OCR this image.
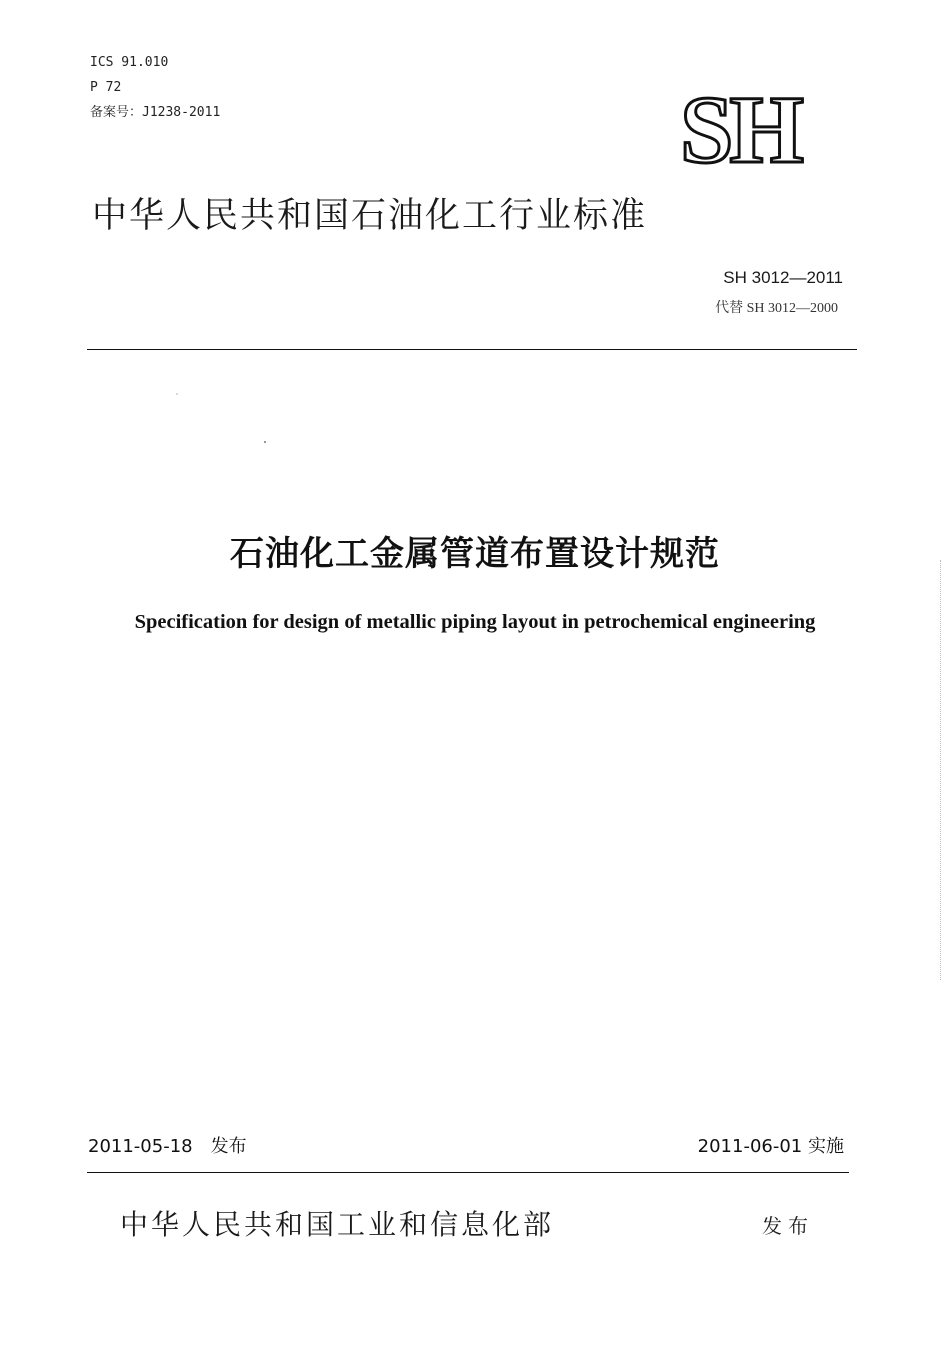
ICS 91.010
P 72
备案号：J1238-2011	SH
中华人民共和国石油化工行业标准
SH 3012—2011
代替 SH 3012—2000
石油化工金属管道布置设计规范
Specification for design of metallic piping layout in petrochemical engineering
2011-05-18　发布	2011-06-01 实施
中华人民共和国工业和信息化部	发布
